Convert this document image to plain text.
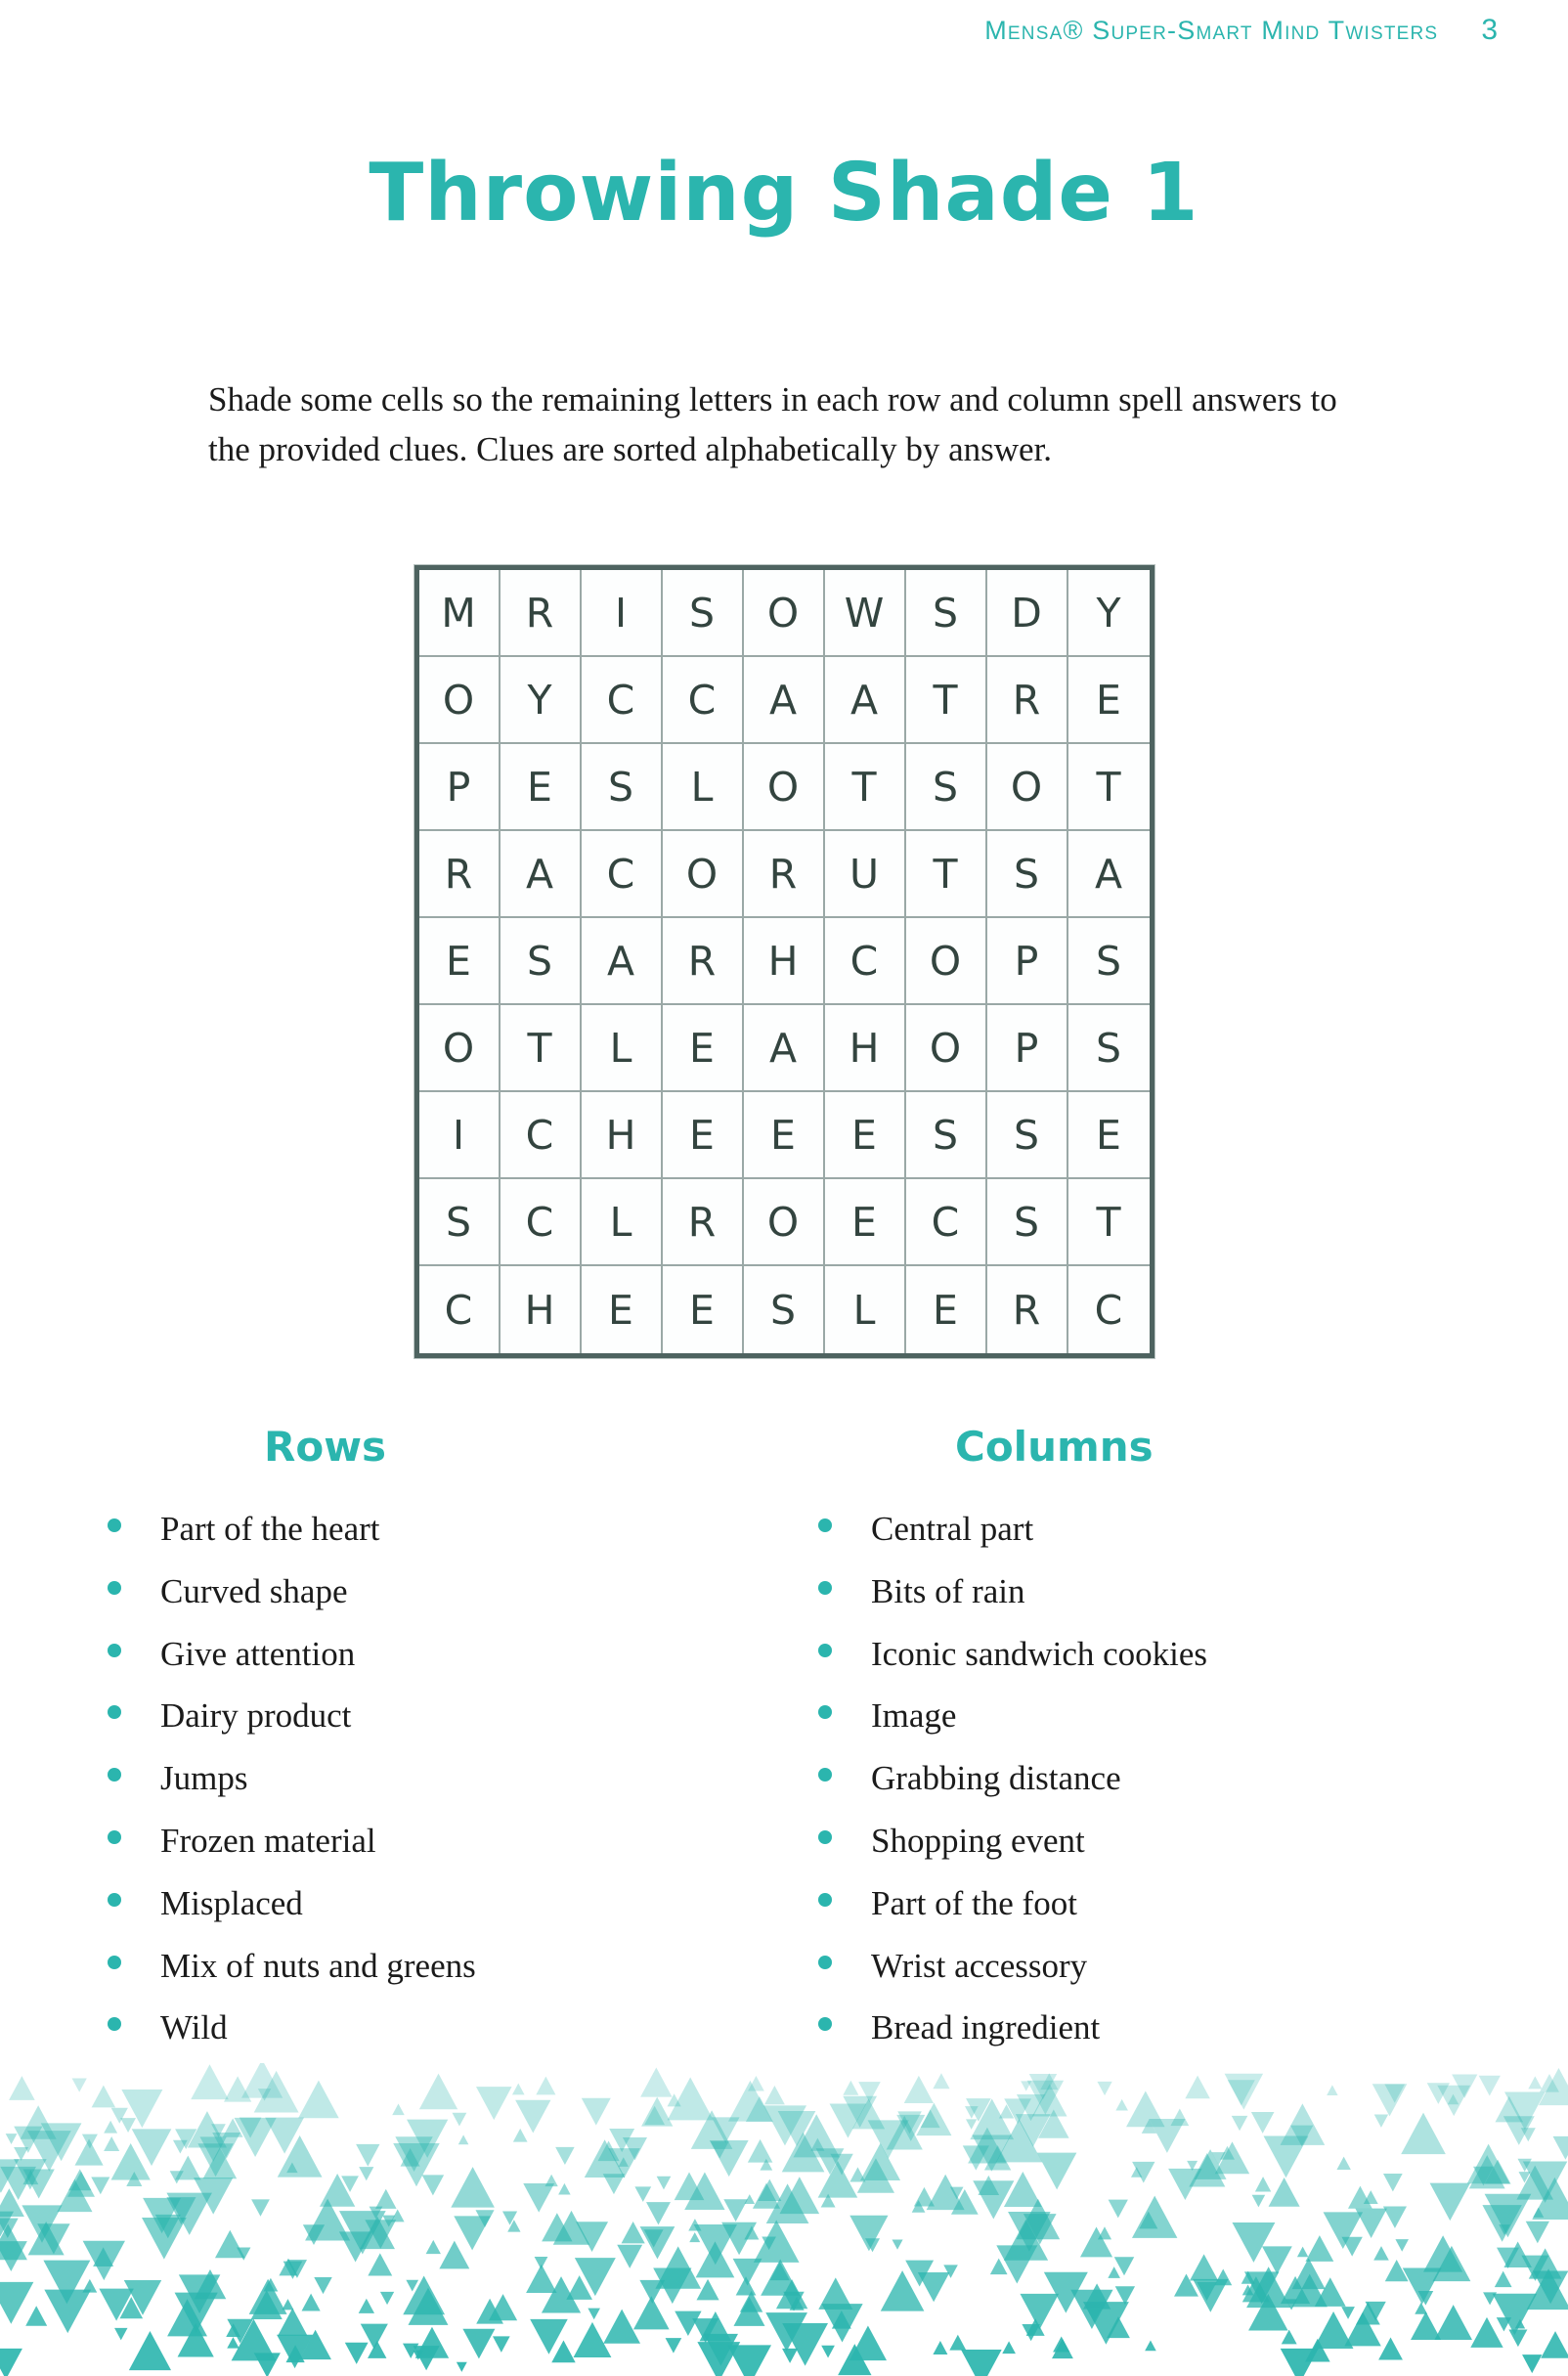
Mensa® Super-Smart Mind Twisters 3
Throwing Shade 1

Shade some cells so the remaining letters in each row and column spell answers to the provided clues. Clues are sorted alphabetically by answer.

M	R	I	S	O	W	S	D	Y
O	Y	C	C	A	A	T	R	E
P	E	S	L	O	T	S	O	T
R	A	C	O	R	U	T	S	A
E	S	A	R	H	C	O	P	S
O	T	L	E	A	H	O	P	S
I	C	H	E	E	E	S	S	E
S	C	L	R	O	E	C	S	T
C	H	E	E	S	L	E	R	C
Rows
Part of the heart
Curved shape
Give attention
Dairy product
Jumps
Frozen material
Misplaced
Mix of nuts and greens
Wild
Columns
Central part
Bits of rain
Iconic sandwich cookies
Image
Grabbing distance
Shopping event
Part of the foot
Wrist accessory
Bread ingredient
